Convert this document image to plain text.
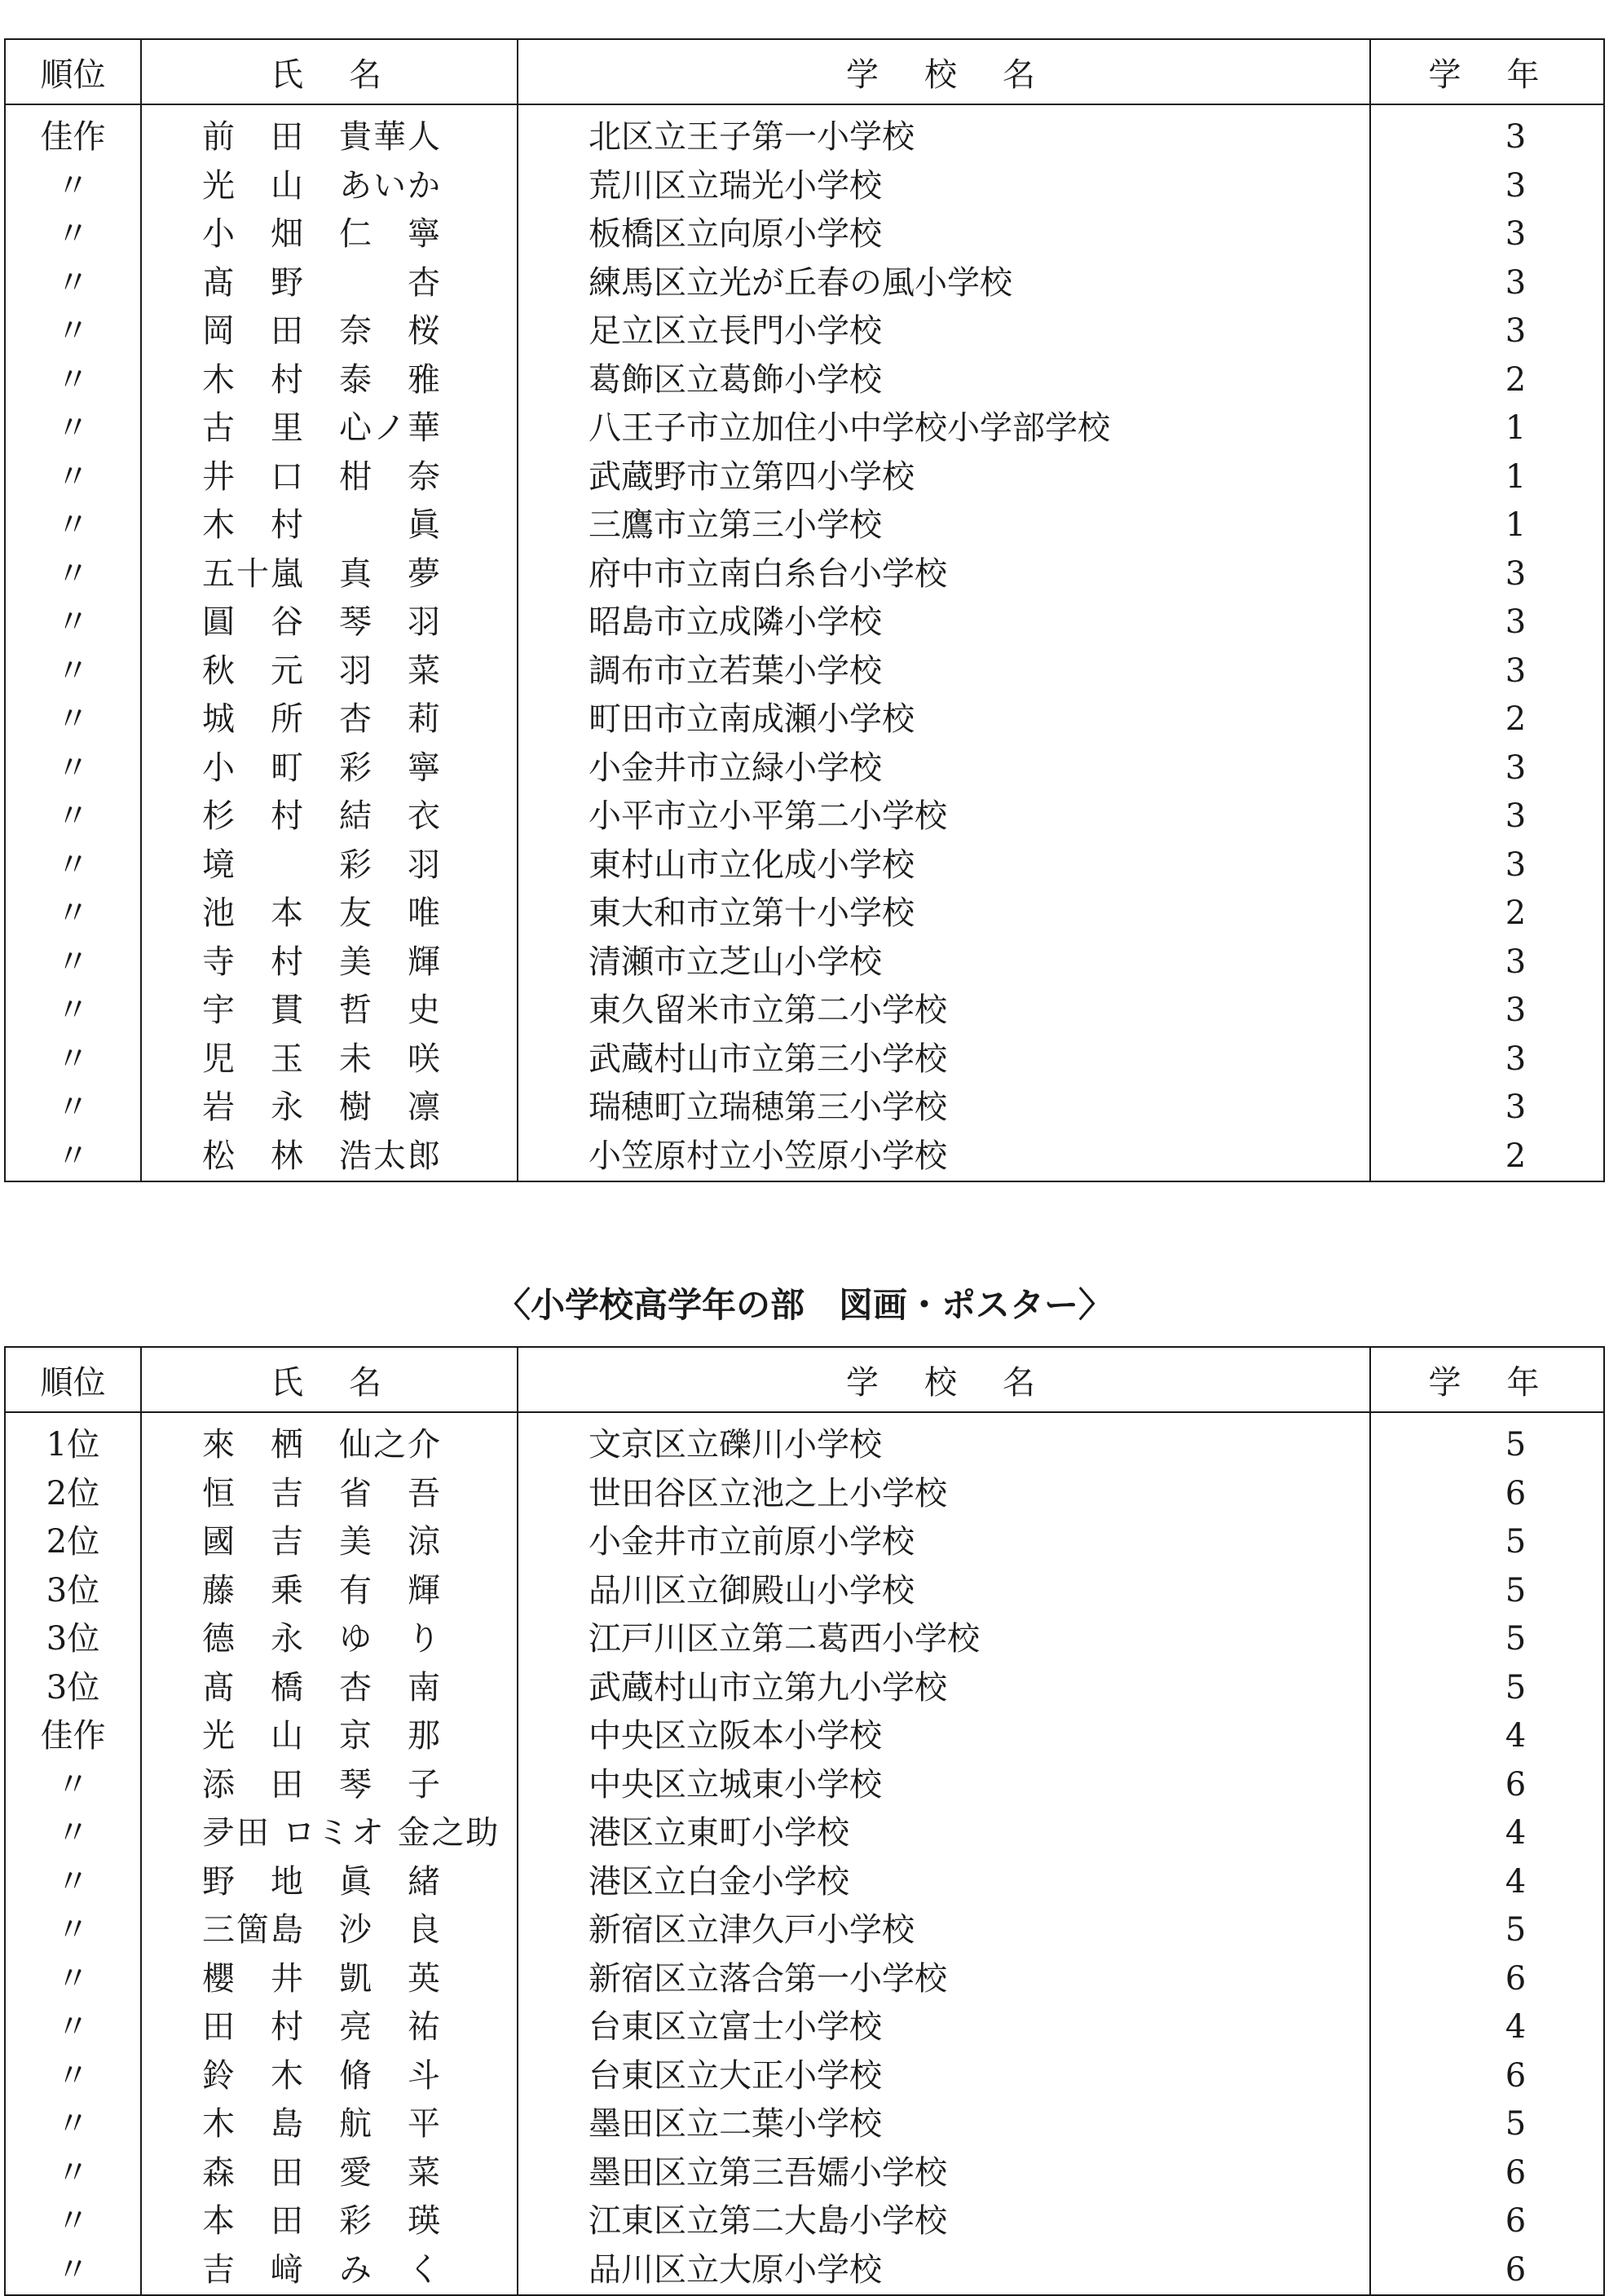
順位	氏　名	学　校　名	学　年
佳作	前　田　貴華人	北区立王子第一小学校	3
〃	光　山　あいか	荒川区立瑞光小学校	3
〃	小　畑　仁　寧	板橋区立向原小学校	3
〃	髙　野　　　杏	練馬区立光が丘春の風小学校	3
〃	岡　田　奈　桜	足立区立長門小学校	3
〃	木　村　泰　雅	葛飾区立葛飾小学校	2
〃	古　里　心ノ華	八王子市立加住小中学校小学部学校	1
〃	井　口　柑　奈	武蔵野市立第四小学校	1
〃	木　村　　　眞	三鷹市立第三小学校	1
〃	五十嵐　真　夢	府中市立南白糸台小学校	3
〃	圓　谷　琴　羽	昭島市立成隣小学校	3
〃	秋　元　羽　菜	調布市立若葉小学校	3
〃	城　所　杏　莉	町田市立南成瀬小学校	2
〃	小　町　彩　寧	小金井市立緑小学校	3
〃	杉　村　結　衣	小平市立小平第二小学校	3
〃	境　　　彩　羽	東村山市立化成小学校	3
〃	池　本　友　唯	東大和市立第十小学校	2
〃	寺　村　美　輝	清瀬市立芝山小学校	3
〃	宇　貫　哲　史	東久留米市立第二小学校	3
〃	児　玉　未　咲	武蔵村山市立第三小学校	3
〃	岩　永　樹　凛	瑞穂町立瑞穂第三小学校	3
〃	松　林　浩太郎	小笠原村立小笠原小学校	2
〈小学校高学年の部　図画・ポスター〉
順位	氏　名	学　校　名	学　年
1位	來　栖　仙之介	文京区立礫川小学校	5
2位	恒　吉　省　吾	世田谷区立池之上小学校	6
2位	國　吉　美　涼	小金井市立前原小学校	5
3位	藤　乗　有　輝	品川区立御殿山小学校	5
3位	德　永　ゆ　り	江戸川区立第二葛西小学校	5
3位	髙　橋　杏　南	武蔵村山市立第九小学校	5
佳作	光　山　京　那	中央区立阪本小学校	4
〃	添　田　琴　子	中央区立城東小学校	6
〃	夛田 ロミオ 金之助	港区立東町小学校	4
〃	野　地　眞　緒	港区立白金小学校	4
〃	三箇島　沙　良	新宿区立津久戸小学校	5
〃	櫻　井　凱　英	新宿区立落合第一小学校	6
〃	田　村　亮　祐	台東区立富士小学校	4
〃	鈴　木　脩　斗	台東区立大正小学校	6
〃	木　島　航　平	墨田区立二葉小学校	5
〃	森　田　愛　菜	墨田区立第三吾嬬小学校	6
〃	本　田　彩　瑛	江東区立第二大島小学校	6
〃	吉　﨑　み　く	品川区立大原小学校	6
